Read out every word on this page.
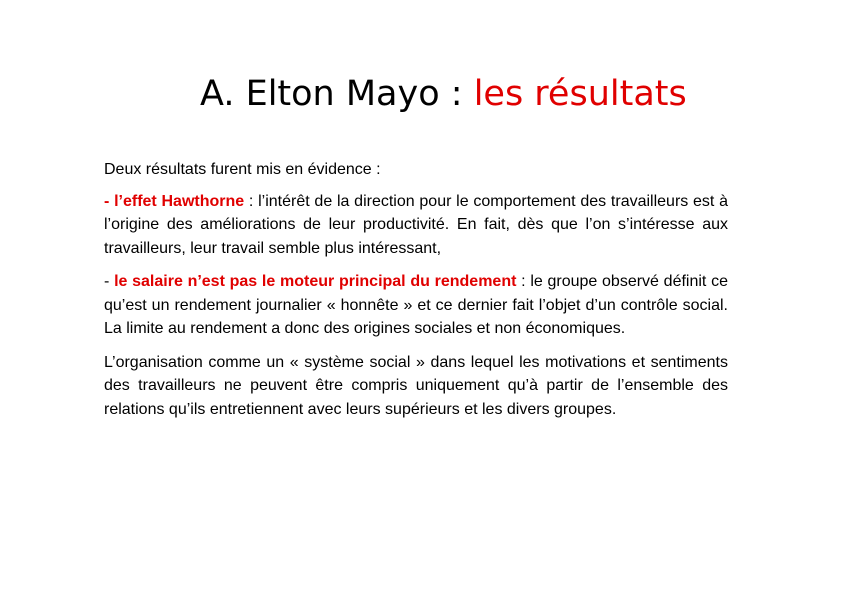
A. Elton Mayo : les résultats

Deux résultats furent mis en évidence :

- l’effet Hawthorne : l’intérêt de la direction pour le comportement des travailleurs est à l’origine des améliorations de leur productivité. En fait, dès que l’on s’intéresse aux travailleurs, leur travail semble plus intéressant,

- le salaire n’est pas le moteur principal du rendement : le groupe observé définit ce qu’est un rendement journalier « honnête » et ce dernier fait l’objet d’un contrôle social. La limite au rendement a donc des origines sociales et non économiques.

L’organisation comme un « système social » dans lequel les motivations et sentiments des travailleurs ne peuvent être compris uniquement qu’à partir de l’ensemble des relations qu’ils entretiennent avec leurs supérieurs et les divers groupes.
